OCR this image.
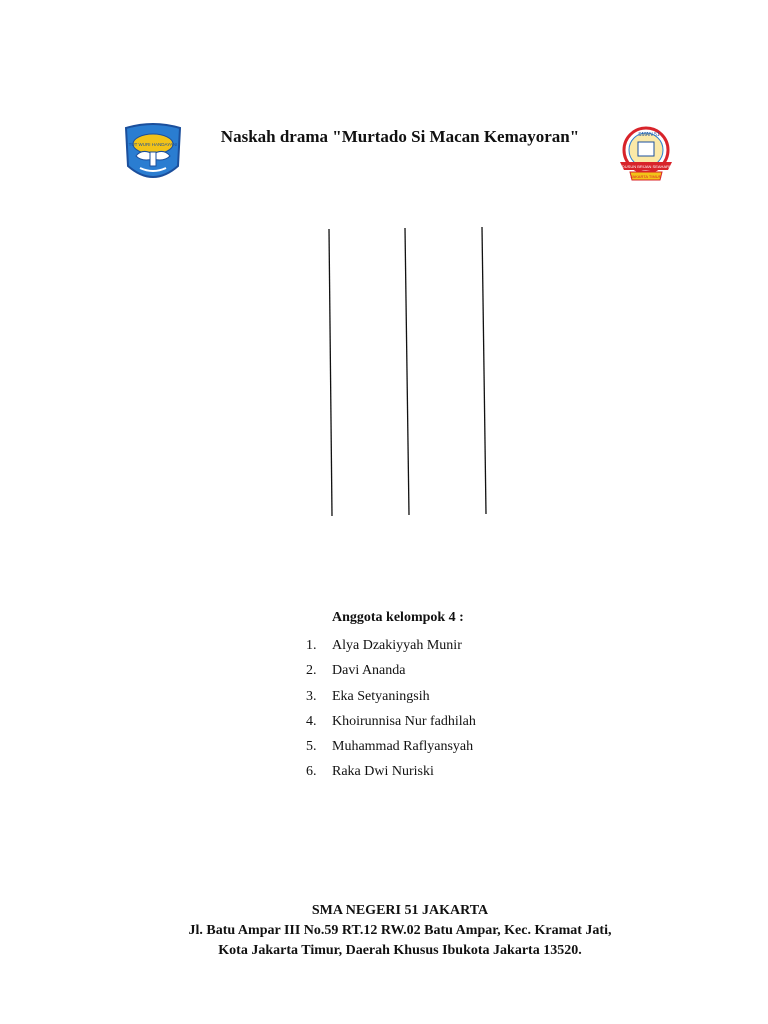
TUT WURI HANDAYANI	Naskah drama "Murtado Si Macan Kemayoran"	SMAN 51
DUSUN BRIJAN SEAHARI
JAKARTA TIMUR
Anggota kelompok 4 :
1.	Alya Dzakiyyah Munir
2.	Davi Ananda
3.	Eka Setyaningsih
4.	Khoirunnisa Nur fadhilah
5.	Muhammad Raflyansyah
6.	Raka Dwi Nuriski
SMA NEGERI 51 JAKARTA
Jl. Batu Ampar III No.59 RT.12 RW.02 Batu Ampar, Kec. Kramat Jati,
Kota Jakarta Timur, Daerah Khusus Ibukota Jakarta 13520.
